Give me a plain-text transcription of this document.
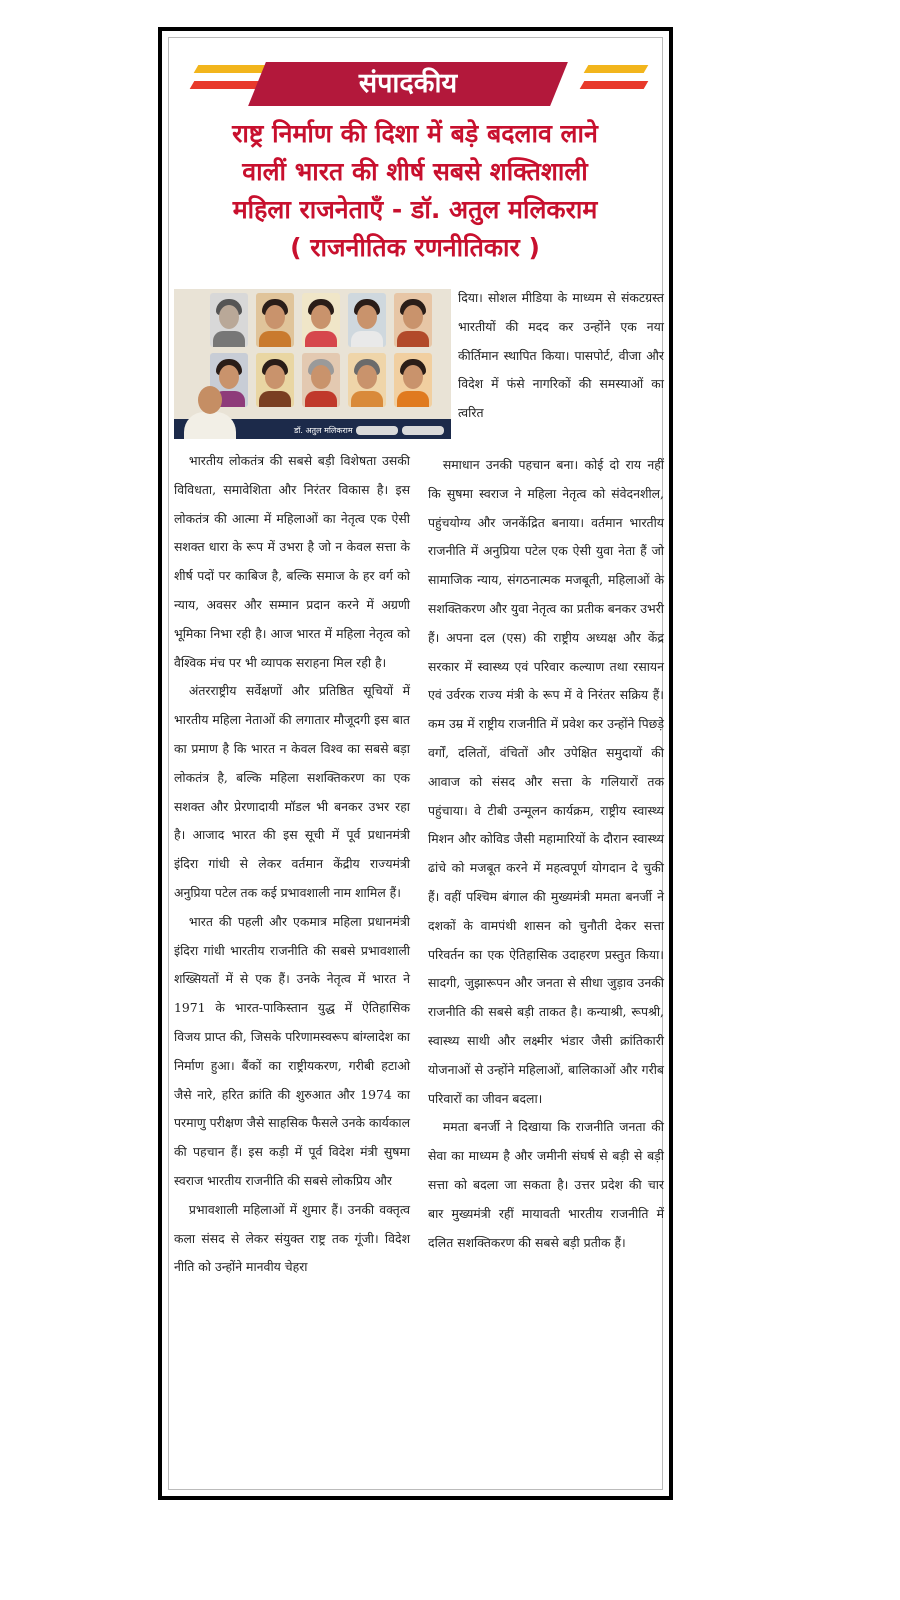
संपादकीय
राष्ट्र निर्माण की दिशा में बड़े बदलाव लाने
वालीं भारत की शीर्ष सबसे शक्तिशाली
महिला राजनेताएँ - डॉ. अतुल मलिकराम
( राजनीतिक रणनीतिकार )
डॉ. अतुल मलिकराम

दिया। सोशल मीडिया के माध्यम से संकटग्रस्त भारतीयों की मदद कर उन्होंने एक नया कीर्तिमान स्थापित किया। पासपोर्ट, वीजा और विदेश में फंसे नागरिकों की समस्याओं का त्वरित

भारतीय लोकतंत्र की सबसे बड़ी विशेषता उसकी विविधता, समावेशिता और निरंतर विकास है। इस लोकतंत्र की आत्मा में महिलाओं का नेतृत्व एक ऐसी सशक्त धारा के रूप में उभरा है जो न केवल सत्ता के शीर्ष पदों पर काबिज है, बल्कि समाज के हर वर्ग को न्याय, अवसर और सम्मान प्रदान करने में अग्रणी भूमिका निभा रही है। आज भारत में महिला नेतृत्व को वैश्विक मंच पर भी व्यापक सराहना मिल रही है।

अंतरराष्ट्रीय सर्वेक्षणों और प्रतिष्ठित सूचियों में भारतीय महिला नेताओं की लगातार मौजूदगी इस बात का प्रमाण है कि भारत न केवल विश्व का सबसे बड़ा लोकतंत्र है, बल्कि महिला सशक्तिकरण का एक सशक्त और प्रेरणादायी मॉडल भी बनकर उभर रहा है। आजाद भारत की इस सूची में पूर्व प्रधानमंत्री इंदिरा गांधी से लेकर वर्तमान केंद्रीय राज्यमंत्री अनुप्रिया पटेल तक कई प्रभावशाली नाम शामिल हैं।

भारत की पहली और एकमात्र महिला प्रधानमंत्री इंदिरा गांधी भारतीय राजनीति की सबसे प्रभावशाली शख्सियतों में से एक हैं। उनके नेतृत्व में भारत ने 1971 के भारत-पाकिस्तान युद्ध में ऐतिहासिक विजय प्राप्त की, जिसके परिणामस्वरूप बांग्लादेश का निर्माण हुआ। बैंकों का राष्ट्रीयकरण, गरीबी हटाओ जैसे नारे, हरित क्रांति की शुरुआत और 1974 का परमाणु परीक्षण जैसे साहसिक फैसले उनके कार्यकाल की पहचान हैं। इस कड़ी में पूर्व विदेश मंत्री सुषमा स्वराज भारतीय राजनीति की सबसे लोकप्रिय और

प्रभावशाली महिलाओं में शुमार हैं। उनकी वक्तृत्व कला संसद से लेकर संयुक्त राष्ट्र तक गूंजी। विदेश नीति को उन्होंने मानवीय चेहरा

समाधान उनकी पहचान बना। कोई दो राय नहीं कि सुषमा स्वराज ने महिला नेतृत्व को संवेदनशील, पहुंचयोग्य और जनकेंद्रित बनाया। वर्तमान भारतीय राजनीति में अनुप्रिया पटेल एक ऐसी युवा नेता हैं जो सामाजिक न्याय, संगठनात्मक मजबूती, महिलाओं के सशक्तिकरण और युवा नेतृत्व का प्रतीक बनकर उभरी हैं। अपना दल (एस) की राष्ट्रीय अध्यक्ष और केंद्र सरकार में स्वास्थ्य एवं परिवार कल्याण तथा रसायन एवं उर्वरक राज्य मंत्री के रूप में वे निरंतर सक्रिय हैं। कम उम्र में राष्ट्रीय राजनीति में प्रवेश कर उन्होंने पिछड़े वर्गों, दलितों, वंचितों और उपेक्षित समुदायों की आवाज को संसद और सत्ता के गलियारों तक पहुंचाया। वे टीबी उन्मूलन कार्यक्रम, राष्ट्रीय स्वास्थ्य मिशन और कोविड जैसी महामारियों के दौरान स्वास्थ्य ढांचे को मजबूत करने में महत्वपूर्ण योगदान दे चुकी हैं। वहीं पश्चिम बंगाल की मुख्यमंत्री ममता बनर्जी ने दशकों के वामपंथी शासन को चुनौती देकर सत्ता परिवर्तन का एक ऐतिहासिक उदाहरण प्रस्तुत किया। सादगी, जुझारूपन और जनता से सीधा जुड़ाव उनकी राजनीति की सबसे बड़ी ताकत है। कन्याश्री, रूपश्री, स्वास्थ्य साथी और लक्ष्मीर भंडार जैसी क्रांतिकारी योजनाओं से उन्होंने महिलाओं, बालिकाओं और गरीब परिवारों का जीवन बदला।

ममता बनर्जी ने दिखाया कि राजनीति जनता की सेवा का माध्यम है और जमीनी संघर्ष से बड़ी से बड़ी सत्ता को बदला जा सकता है। उत्तर प्रदेश की चार बार मुख्यमंत्री रहीं मायावती भारतीय राजनीति में दलित सशक्तिकरण की सबसे बड़ी प्रतीक हैं।
